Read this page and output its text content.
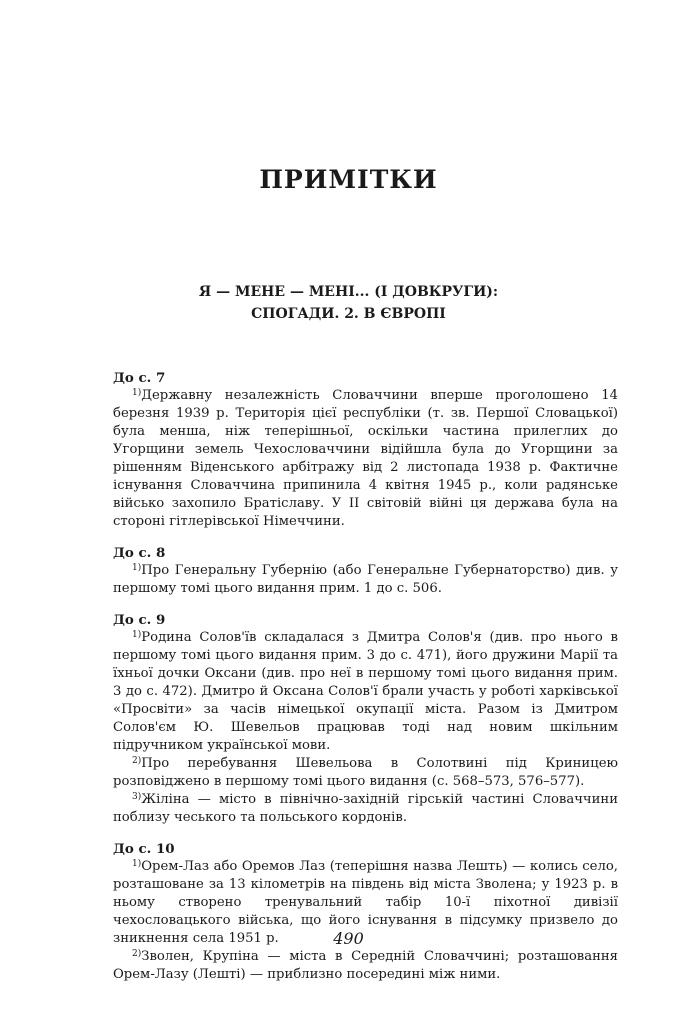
ПРИМІТКИ
Я — МЕНЕ — МЕНІ... (І ДОВКРУГИ):
СПОГАДИ. 2. В ЄВРОПІ
До с. 7

$^{1)}$Державну незалежність Словаччини вперше проголошено 14 березня 1939 р. Територія цієї республіки (т. зв. Першої Словацької) була менша, ніж теперішньої, оскільки частина прилеглих до Угорщини земель Чехословаччини відійшла була до Угорщини за рішенням Віденського арбітражу від 2 листопада 1938 р. Фактичне існування Словаччина припинила 4 квітня 1945 р., коли радянське військо захопило Братіславу. У ІІ світовій війні ця держава була на стороні гітлерівської Німеччини.

До с. 8

$^{1)}$Про Генеральну Губернію (або Генеральне Губернаторство) див. у першому томі цього видання прим. 1 до с. 506.

До с. 9

$^{1)}$Родина Солов'їв складалася з Дмитра Солов'я (див. про нього в першому томі цього видання прим. 3 до с. 471), його дружини Марії та їхньої дочки Оксани (див. про неї в першому томі цього видання прим. 3 до с. 472). Дмитро й Оксана Солов'ї брали участь у роботі харківської «Просвіти» за часів німецької окупації міста. Разом із Дмитром Солов'єм Ю. Шевельов працював тоді над новим шкільним підручником української мови.

$^{2)}$Про перебування Шевельова в Солотвині під Криницею розповіджено в першому томі цього видання (с. 568–573, 576–577).

$^{3)}$Жіліна — місто в північно-західній гірській частині Словаччини поблизу чеського та польського кордонів.

До с. 10

$^{1)}$Орем-Лаз або Оремов Лаз (теперішня назва Лешть) — колись село, розташоване за 13 кілометрів на південь від міста Зволена; у 1923 р. в ньому створено тренувальний табір 10-ї піхотної дивізії чехословацького війська, що його існування в підсумку призвело до зникнення села 1951 р.

$^{2)}$Зволен, Крупіна — міста в Середній Словаччині; розташовання Орем-Лазу (Лешті) — приблизно посередині між ними.

490
